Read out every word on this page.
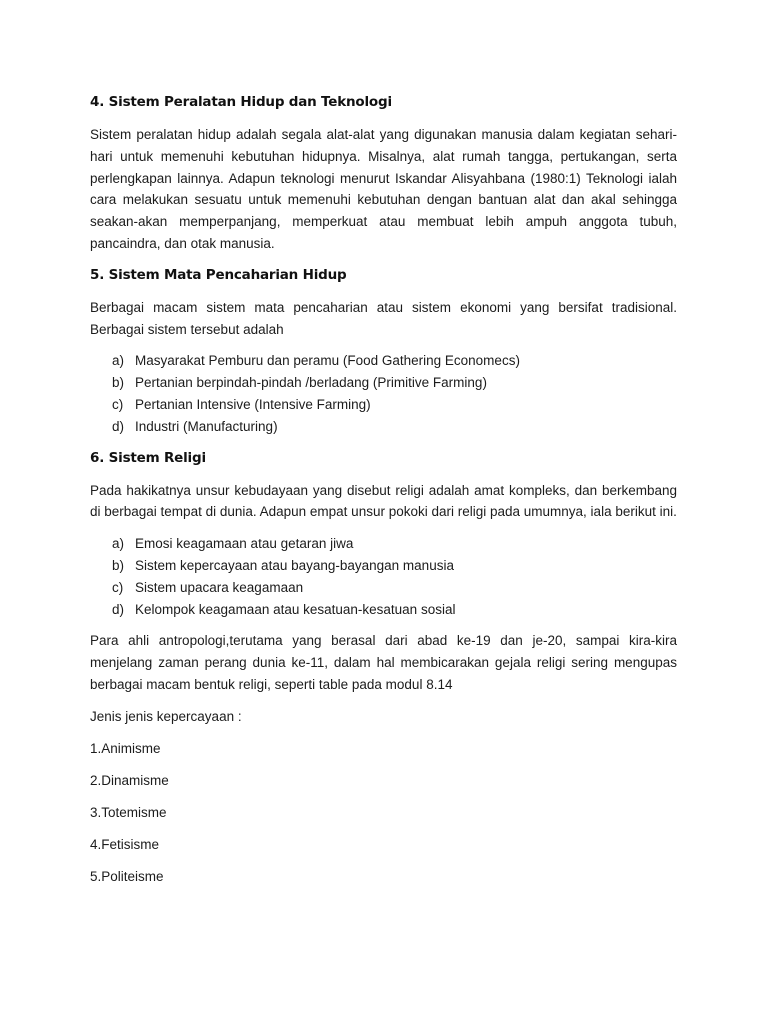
4. Sistem Peralatan Hidup dan Teknologi
Sistem peralatan hidup adalah segala alat-alat yang digunakan manusia dalam kegiatan sehari-hari untuk memenuhi kebutuhan hidupnya. Misalnya, alat rumah tangga, pertukangan, serta perlengkapan lainnya. Adapun teknologi menurut Iskandar Alisyahbana (1980:1) Teknologi ialah cara melakukan sesuatu untuk memenuhi kebutuhan dengan bantuan alat dan akal sehingga seakan-akan memperpanjang, memperkuat atau membuat lebih ampuh anggota tubuh, pancaindra, dan otak manusia.
5. Sistem Mata Pencaharian Hidup
Berbagai macam sistem mata pencaharian atau sistem ekonomi yang bersifat tradisional. Berbagai sistem tersebut adalah
a) Masyarakat Pemburu dan peramu (Food Gathering Economecs)
b) Pertanian berpindah-pindah /berladang (Primitive Farming)
c) Pertanian Intensive (Intensive Farming)
d) Industri (Manufacturing)
6. Sistem Religi
Pada hakikatnya unsur kebudayaan yang disebut religi adalah amat kompleks, dan berkembang di berbagai tempat di dunia. Adapun empat unsur pokoki dari religi pada umumnya, iala berikut ini.
a) Emosi keagamaan atau getaran jiwa
b) Sistem kepercayaan atau bayang-bayangan manusia
c) Sistem upacara keagamaan
d) Kelompok keagamaan atau kesatuan-kesatuan sosial
Para ahli antropologi,terutama yang berasal dari abad ke-19 dan je-20, sampai kira-kira menjelang zaman perang dunia ke-11, dalam hal membicarakan gejala religi sering mengupas berbagai macam bentuk religi, seperti table pada modul 8.14
Jenis jenis kepercayaan :
1.Animisme
2.Dinamisme
3.Totemisme
4.Fetisisme
5.Politeisme
